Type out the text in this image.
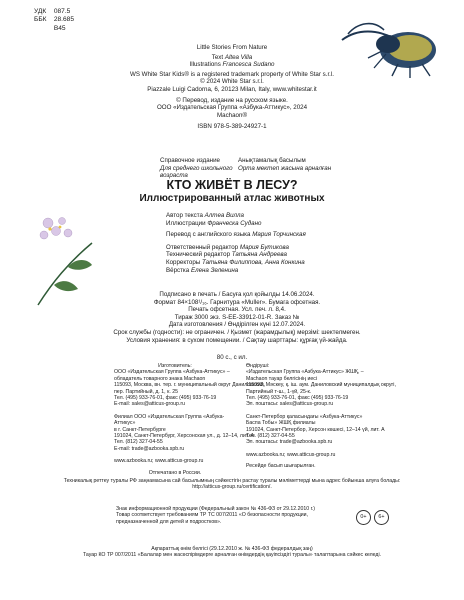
УДК 087.5
ББК 28.685
В45
Little Stories From Nature
Text Altea Villa
Illustrations Francesca Sudano
WS White Star Kids® is a registered trademark property of White Star s.r.l.
© 2024 White Star s.r.l.
Piazzale Luigi Cadorna, 6, 20123 Milan, Italy, www.whitestar.it
© Перевод, издание на русском языке.
ООО «Издательская Группа «Азбука-Аттикус», 2024
Machaon®
ISBN 978-5-389-24927-1
Справочное издание
Для среднего школьного возраста
Анықтамалық басылым
Орта мектеп жасына арналған
КТО ЖИВЁТ В ЛЕСУ?
Иллюстрированный атлас животных
Автор текста Алтеа Вилла
Иллюстрации Франческа Судано
Перевод с английского языка Мария Торчинская
Ответственный редактор Мария Бутикова
Технический редактор Татьяна Андреева
Корректоры Татьяна Филиппова, Анна Конкина
Вёрстка Елена Зеленина
Подписано в печать / Басуға қол қойылды 14.06.2024.
Формат 84×108¹/₁₆. Гарнитура «Muller». Бумага офсетная.
Печать офсетная. Усл. печ. л. 8,4.
Тираж 3000 экз. S-EE-33912-01-R. Заказ №
Дата изготовления / Өндірілген күні 12.07.2024.
Срок службы (годности): не ограничен. / Қызмет (жарамдылық) мерзімі: шектелмеген.
Условия хранения: в сухом помещении. / Сақтау шарттары: құрғақ үй-жайда.
80 с., с ил.
Изготовитель:
ООО «Издательская Группа «Азбука-Аттикус» –
обладатель товарного знака Machaon
115093, Москва, вн. тер. г. муниципальный округ Даниловский,
пер. Партийный, д. 1, к. 25
Тел. (495) 933-76-01, факс (495) 933-76-19
E-mail: sales@atticus-group.ru
Филиал ООО «Издательская Группа «Азбука-Аттикус»
в г. Санкт-Петербурге
191024, Санкт-Петербург, Херсонская ул., д. 12–14, лит. А
Тел. (812) 327-04-55
E-mail: trade@azbooka.spb.ru
www.azbooka.ru; www.atticus-group.ru
Отпечатано в России.
Өндіруші:
«Издательская Группа «Азбука-Аттикус» ЖШҚ, –
Machaon тауар белгісінің иесі
115093, Мәскеу, қ. іш. аум. Даниловский муниципалдық округі,
Партийный т-ш., 1-үй, 25-к.
Тел. (495) 933-76-01, факс (495) 933-76-19
Эл. поштасы: sales@atticus-group.ru
Санкт-Петербор қаласындағы «Азбука-Аттикус»
Баспа Тобы» ЖШҚ филиалы
191024, Санкт-Петербор, Херсон көшесі, 12–14 үй, лит. А
Тел. (812) 327-04-55
Эл. поштасы: trade@azbooka.spb.ru
www.azbooka.ru; www.atticus-group.ru
Ресейде басып шығарылған.
Техникалық реттеу туралы РФ заңнамасына сай басылымның сәйкестігін растау туралы мәліметтерді мына адрес бойынша алуға болады:
http://atticus-group.ru/certification/.
Знак информационной продукции (Федеральный закон № 436-ФЗ от 29.12.2010 г.)
Товар соответствует требованиям ТР ТС 007/2011 «О безопасности продукции,
предназначенной для детей и подростков».
0+	6+
Ақпараттық өнім белгісі (29.12.2010 ж. № 436-ФЗ федералдық заң)
Тауар КО ТР 007/2011 «Балалар мен жасөспірімдерге арналған өнімдердің қауіпсіздігі туралы» талаптарына сәйкес келеді.
